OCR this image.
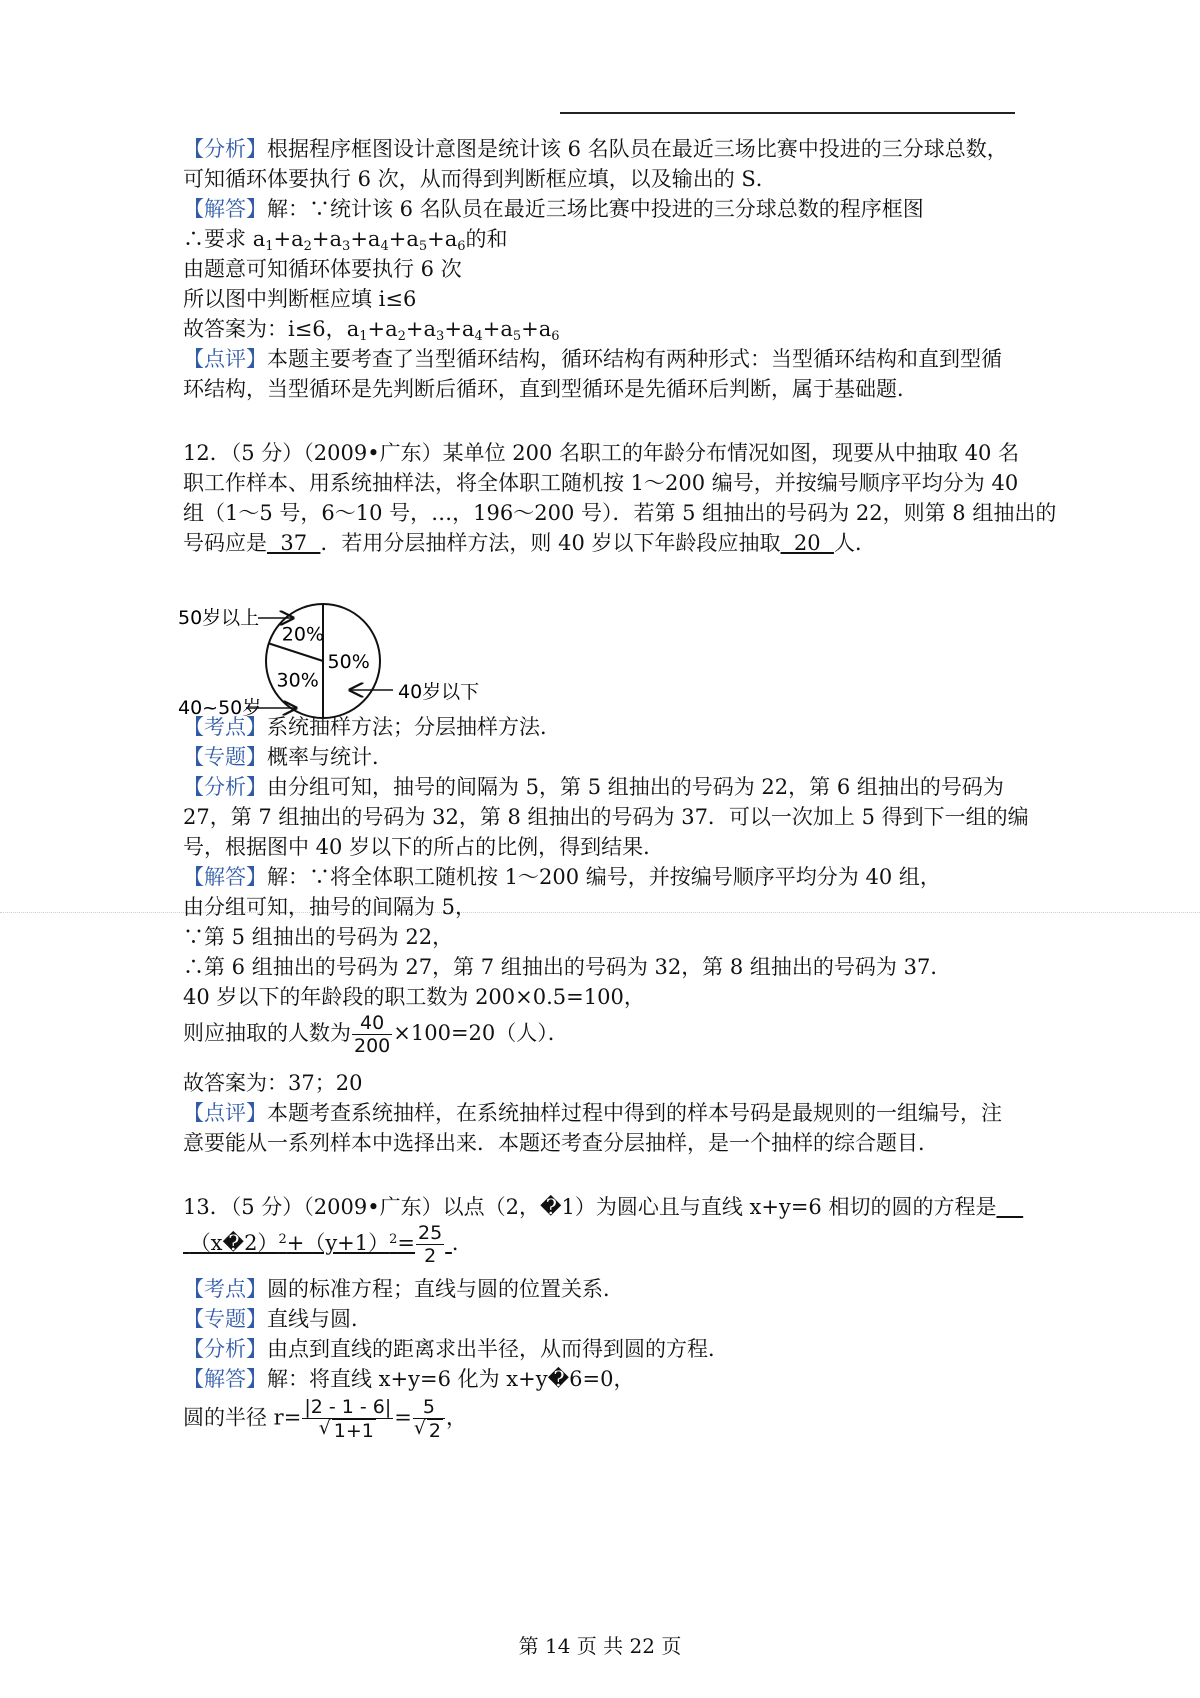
【分析】根据程序框图设计意图是统计该 6 名队员在最近三场比赛中投进的三分球总数，
可知循环体要执行 6 次，从而得到判断框应填，以及输出的 S．
【解答】解：∵统计该 6 名队员在最近三场比赛中投进的三分球总数的程序框图
∴要求 $a_1+a_2+a_3+a_4+a_5+a_6$的和
由题意可知循环体要执行 6 次
所以图中判断框应填 i≤6
故答案为：i≤6，$a_1+a_2+a_3+a_4+a_5+a_6$
【点评】本题主要考查了当型循环结构，循环结构有两种形式：当型循环结构和直到型循
环结构，当型循环是先判断后循环，直到型循环是先循环后判断，属于基础题．
12．（5 分）（2009•广东）某单位 200 名职工的年龄分布情况如图，现要从中抽取 40 名
职工作样本、用系统抽样法，将全体职工随机按 1～200 编号，并按编号顺序平均分为 40
组（1～5 号，6～10 号，…，196～200 号）．若第 5 组抽出的号码为 22，则第 8 组抽出的
号码应是  37  ．若用分层抽样方法，则 40 岁以下年龄段应抽取  20  人．
20%
30%
50%
50岁以上
40~50岁
40岁以下
【考点】系统抽样方法；分层抽样方法．
【专题】概率与统计．
【分析】由分组可知，抽号的间隔为 5，第 5 组抽出的号码为 22，第 6 组抽出的号码为
27，第 7 组抽出的号码为 32，第 8 组抽出的号码为 37．可以一次加上 5 得到下一组的编
号，根据图中 40 岁以下的所占的比例，得到结果．
【解答】解：∵将全体职工随机按 1～200 编号，并按编号顺序平均分为 40 组，
由分组可知，抽号的间隔为 5，
∵第 5 组抽出的号码为 22，
∴第 6 组抽出的号码为 27，第 7 组抽出的号码为 32，第 8 组抽出的号码为 37．
40 岁以下的年龄段的职工数为 200×0.5=100，
则应抽取的人数为 $\frac{40}{200} \times 100=20$（人）．
故答案为：37；20
【点评】本题考查系统抽样，在系统抽样过程中得到的样本号码是最规则的一组编号，注
意要能从一系列样本中选择出来．本题还考查分层抽样，是一个抽样的综合题目．
13．（5 分）（2009•广东）以点（2，�1）为圆心且与直线 x+y=6 相切的圆的方程是
$(x�2)^2+(y+1)^2= \frac{25}{2}$ ．
【考点】圆的标准方程；直线与圆的位置关系．
【专题】直线与圆．
【分析】由点到直线的距离求出半径，从而得到圆的方程．
【解答】解：将直线 x+y=6 化为 x+y�6=0，
圆的半径 r= |2 - 1 - 6|
√ 1+1 = 5
√ 2 ，
第 14 页 共 22 页
